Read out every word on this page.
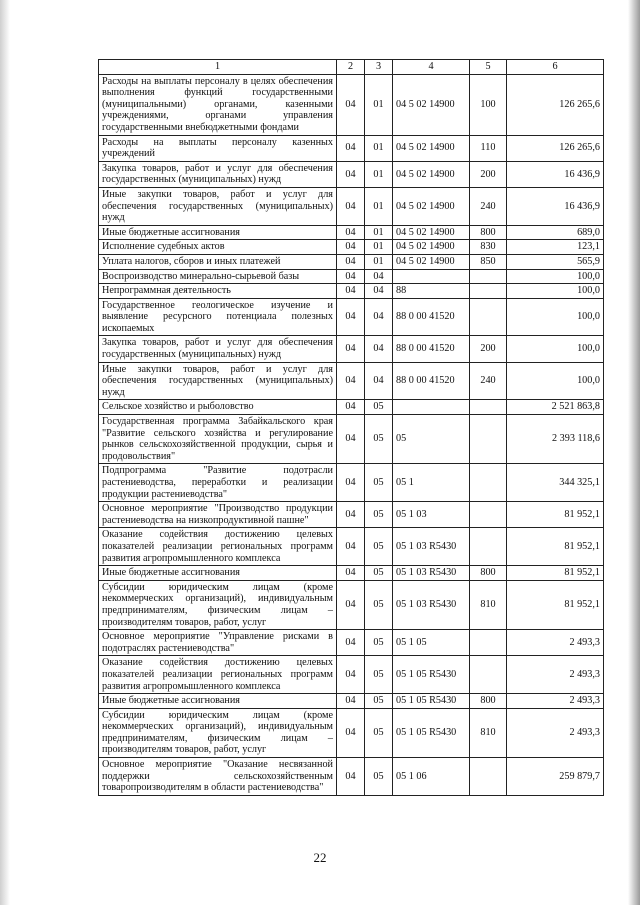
1	2	3	4	5	6
Расходы на выплаты персоналу в целях обеспечения выполнения функций государственными (муниципальными) органами, казенными учреждениями, органами управления государственными внебюджетными фондами	04	01	04 5 02 14900	100	126 265,6
Расходы на выплаты персоналу казенных учреждений	04	01	04 5 02 14900	110	126 265,6
Закупка товаров, работ и услуг для обеспечения государственных (муниципальных) нужд	04	01	04 5 02 14900	200	16 436,9
Иные закупки товаров, работ и услуг для обеспечения государственных (муниципальных) нужд	04	01	04 5 02 14900	240	16 436,9
Иные бюджетные ассигнования	04	01	04 5 02 14900	800	689,0
Исполнение судебных актов	04	01	04 5 02 14900	830	123,1
Уплата налогов, сборов и иных платежей	04	01	04 5 02 14900	850	565,9
Воспроизводство минерально-сырьевой базы	04	04			100,0
Непрограммная деятельность	04	04	88		100,0
Государственное геологическое изучение и выявление ресурсного потенциала полезных ископаемых	04	04	88 0 00 41520		100,0
Закупка товаров, работ и услуг для обеспечения государственных (муниципальных) нужд	04	04	88 0 00 41520	200	100,0
Иные закупки товаров, работ и услуг для обеспечения государственных (муниципальных) нужд	04	04	88 0 00 41520	240	100,0
Сельское хозяйство и рыболовство	04	05			2 521 863,8
Государственная программа Забайкальского края "Развитие сельского хозяйства и регулирование рынков сельскохозяйственной продукции, сырья и продовольствия"	04	05	05		2 393 118,6
Подпрограмма "Развитие подотрасли растениеводства, переработки и реализации продукции растениеводства"	04	05	05 1		344 325,1
Основное мероприятие "Производство продукции растениеводства на низкопродуктивной пашне"	04	05	05 1 03		81 952,1
Оказание содействия достижению целевых показателей реализации региональных программ развития агропромышленного комплекса	04	05	05 1 03 R5430		81 952,1
Иные бюджетные ассигнования	04	05	05 1 03 R5430	800	81 952,1
Субсидии юридическим лицам (кроме некоммерческих организаций), индивидуальным предпринимателям, физическим лицам – производителям товаров, работ, услуг	04	05	05 1 03 R5430	810	81 952,1
Основное мероприятие "Управление рисками в подотраслях растениеводства"	04	05	05 1 05		2 493,3
Оказание содействия достижению целевых показателей реализации региональных программ развития агропромышленного комплекса	04	05	05 1 05 R5430		2 493,3
Иные бюджетные ассигнования	04	05	05 1 05 R5430	800	2 493,3
Субсидии юридическим лицам (кроме некоммерческих организаций), индивидуальным предпринимателям, физическим лицам – производителям товаров, работ, услуг	04	05	05 1 05 R5430	810	2 493,3
Основное мероприятие "Оказание несвязанной поддержки сельскохозяйственным товаропроизводителям в области растениеводства"	04	05	05 1 06		259 879,7
22
